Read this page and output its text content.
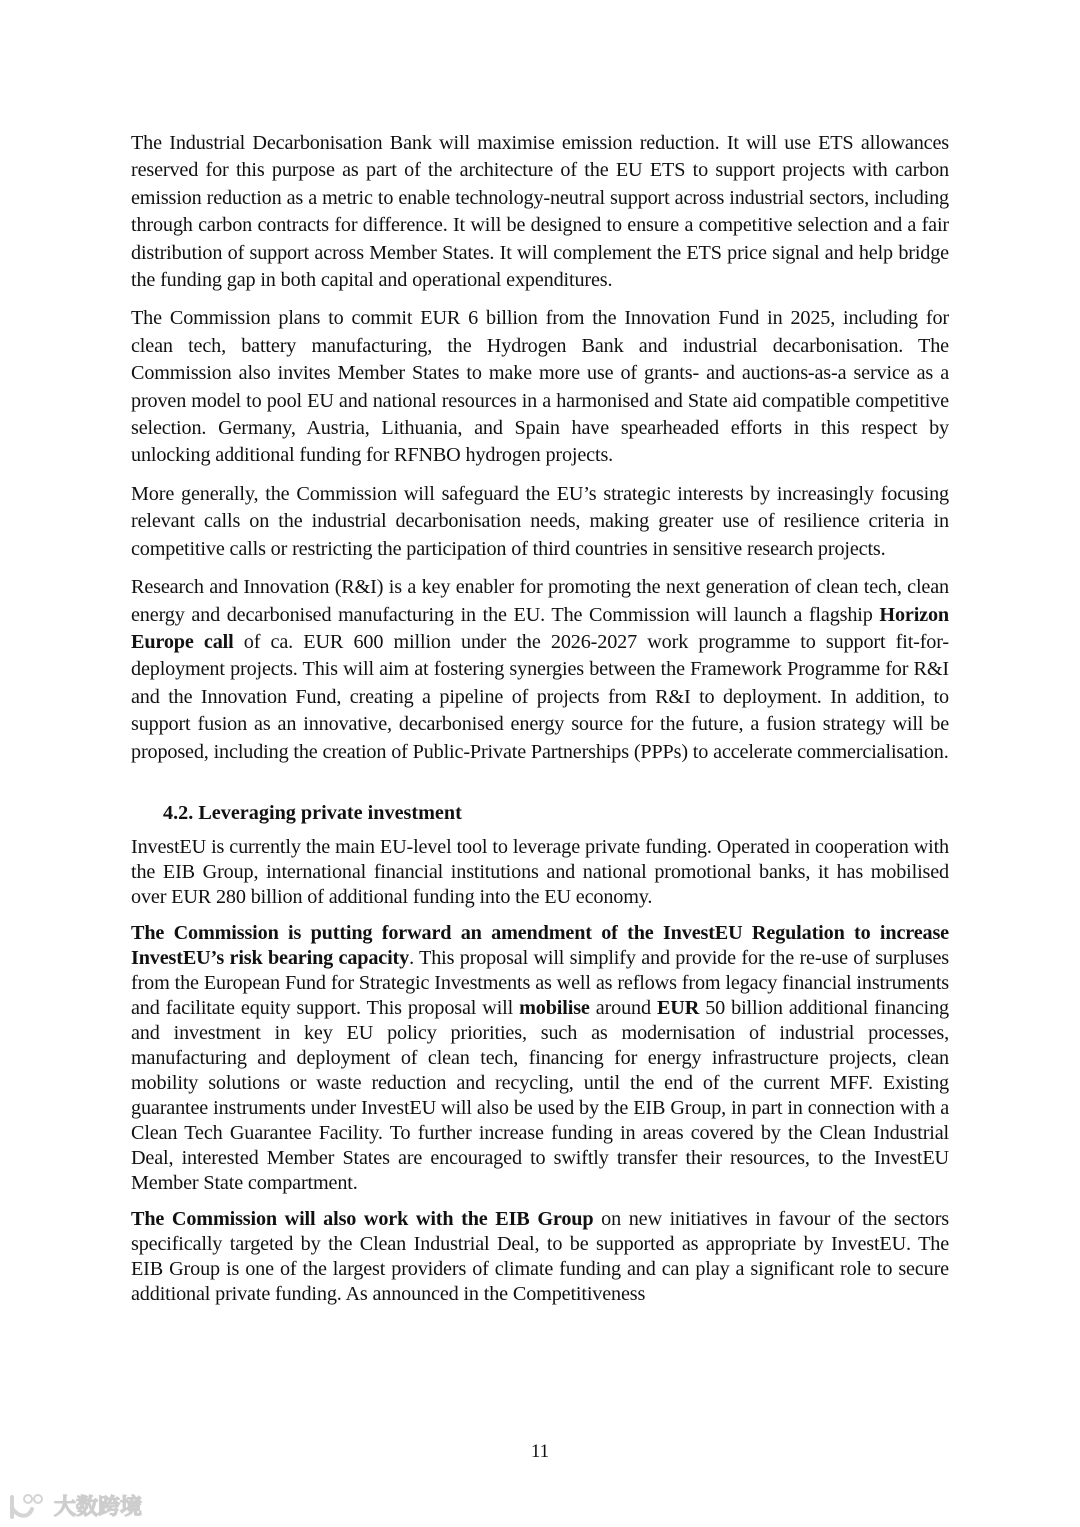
The Industrial Decarbonisation Bank will maximise emission reduction. It will use ETS allowances reserved for this purpose as part of the architecture of the EU ETS to support projects with carbon emission reduction as a metric to enable technology-neutral support across industrial sectors, including through carbon contracts for difference. It will be designed to ensure a competitive selection and a fair distribution of support across Member States. It will complement the ETS price signal and help bridge the funding gap in both capital and operational expenditures.

The Commission plans to commit EUR 6 billion from the Innovation Fund in 2025, including for clean tech, battery manufacturing, the Hydrogen Bank and industrial decarbonisation. The Commission also invites Member States to make more use of grants- and auctions-as-a service as a proven model to pool EU and national resources in a harmonised and State aid compatible competitive selection. Germany, Austria, Lithuania, and Spain have spearheaded efforts in this respect by unlocking additional funding for RFNBO hydrogen projects.

More generally, the Commission will safeguard the EU’s strategic interests by increasingly focusing relevant calls on the industrial decarbonisation needs, making greater use of resilience criteria in competitive calls or restricting the participation of third countries in sensitive research projects.

Research and Innovation (R&I) is a key enabler for promoting the next generation of clean tech, clean energy and decarbonised manufacturing in the EU. The Commission will launch a flagship Horizon Europe call of ca. EUR 600 million under the 2026-2027 work programme to support fit-for-deployment projects. This will aim at fostering synergies between the Framework Programme for R&I and the Innovation Fund, creating a pipeline of projects from R&I to deployment. In addition, to support fusion as an innovative, decarbonised energy source for the future, a fusion strategy will be proposed, including the creation of Public-Private Partnerships (PPPs) to accelerate commercialisation.

4.2. Leveraging private investment

InvestEU is currently the main EU-level tool to leverage private funding. Operated in cooperation with the EIB Group, international financial institutions and national promotional banks, it has mobilised over EUR 280 billion of additional funding into the EU economy.

The Commission is putting forward an amendment of the InvestEU Regulation to increase InvestEU’s risk bearing capacity. This proposal will simplify and provide for the re-use of surpluses from the European Fund for Strategic Investments as well as reflows from legacy financial instruments and facilitate equity support. This proposal will mobilise around EUR 50 billion additional financing and investment in key EU policy priorities, such as modernisation of industrial processes, manufacturing and deployment of clean tech, financing for energy infrastructure projects, clean mobility solutions or waste reduction and recycling, until the end of the current MFF. Existing guarantee instruments under InvestEU will also be used by the EIB Group, in part in connection with a Clean Tech Guarantee Facility. To further increase funding in areas covered by the Clean Industrial Deal, interested Member States are encouraged to swiftly transfer their resources, to the InvestEU Member State compartment.

The Commission will also work with the EIB Group on new initiatives in favour of the sectors specifically targeted by the Clean Industrial Deal, to be supported as appropriate by InvestEU. The EIB Group is one of the largest providers of climate funding and can play a significant role to secure additional private funding. As announced in the Competitiveness

11
大数跨境
